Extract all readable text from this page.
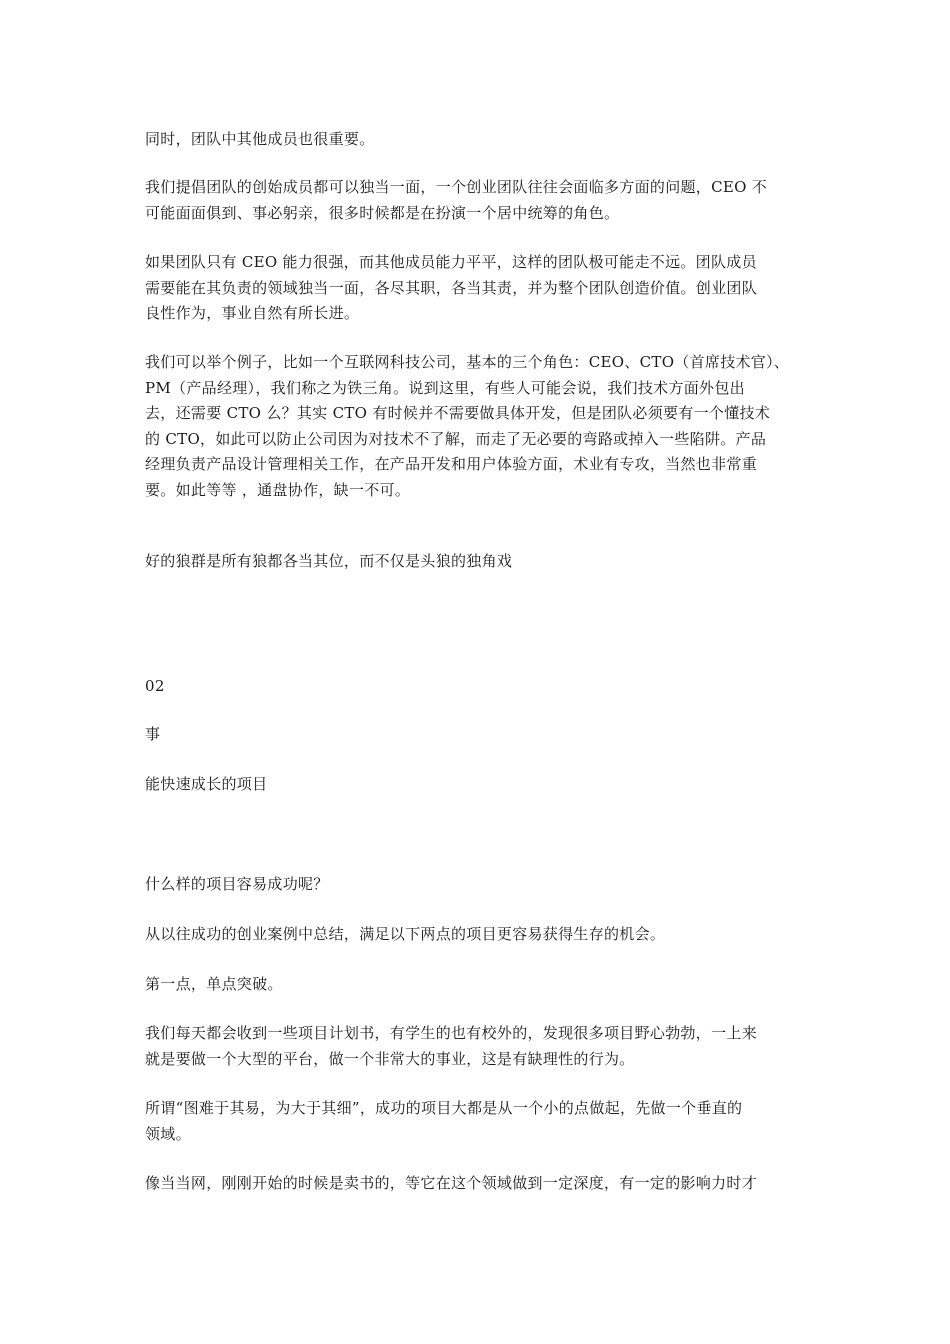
同时，团队中其他成员也很重要。

我们提倡团队的创始成员都可以独当一面，一个创业团队往往会面临多方面的问题，CEO 不
可能面面俱到、事必躬亲，很多时候都是在扮演一个居中统筹的角色。

如果团队只有 CEO 能力很强，而其他成员能力平平，这样的团队极可能走不远。团队成员
需要能在其负责的领域独当一面，各尽其职，各当其责，并为整个团队创造价值。创业团队
良性作为，事业自然有所长进。

我们可以举个例子，比如一个互联网科技公司，基本的三个角色：CEO、CTO（首席技术官）、
PM（产品经理），我们称之为铁三角。说到这里，有些人可能会说，我们技术方面外包出
去，还需要 CTO 么？其实 CTO 有时候并不需要做具体开发，但是团队必须要有一个懂技术
的 CTO，如此可以防止公司因为对技术不了解，而走了无必要的弯路或掉入一些陷阱。产品
经理负责产品设计管理相关工作，在产品开发和用户体验方面，术业有专攻，当然也非常重
要。如此等等 ，通盘协作，缺一不可。

好的狼群是所有狼都各当其位，而不仅是头狼的独角戏

02

事

能快速成长的项目

什么样的项目容易成功呢？

从以往成功的创业案例中总结，满足以下两点的项目更容易获得生存的机会。

第一点，单点突破。

我们每天都会收到一些项目计划书，有学生的也有校外的，发现很多项目野心勃勃，一上来
就是要做一个大型的平台，做一个非常大的事业，这是有缺理性的行为。

所谓“图难于其易，为大于其细”，成功的项目大都是从一个小的点做起，先做一个垂直的
领域。

像当当网，刚刚开始的时候是卖书的，等它在这个领域做到一定深度，有一定的影响力时才
